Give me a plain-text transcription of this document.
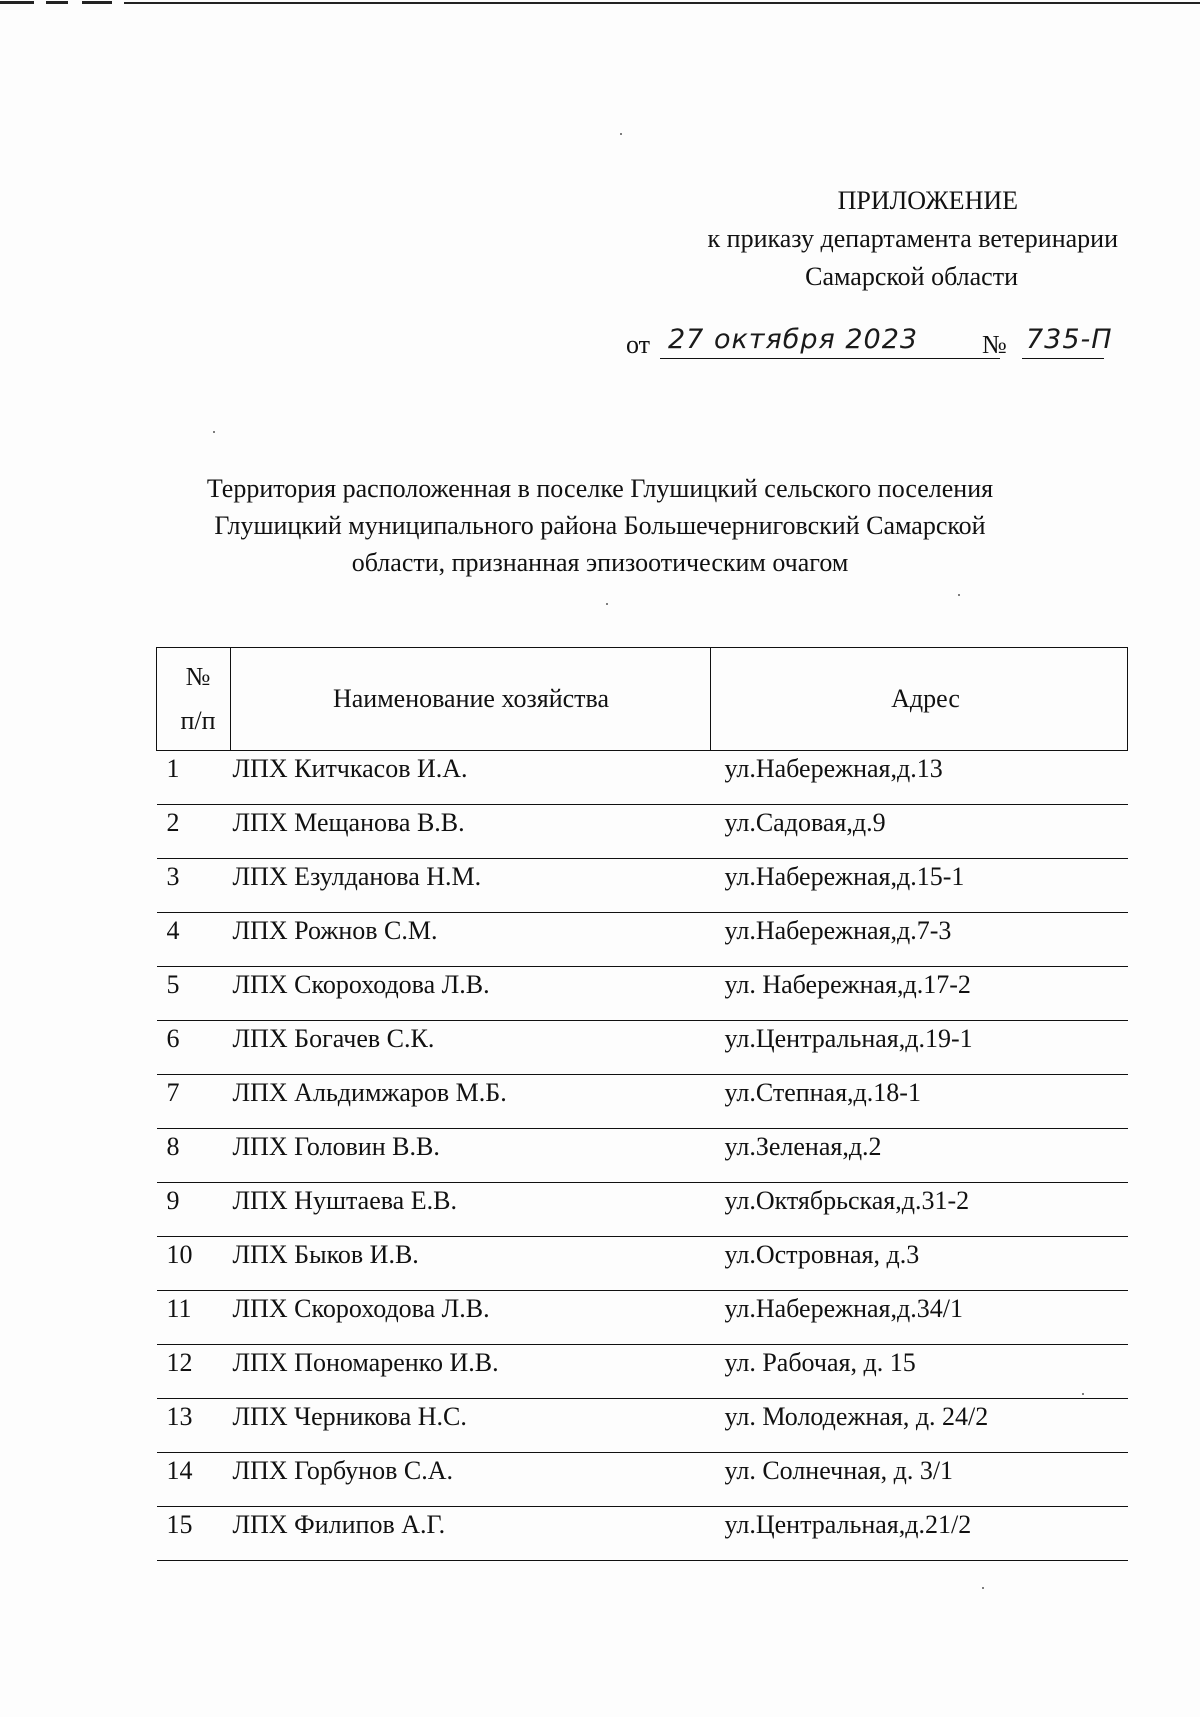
ПРИЛОЖЕНИЕ
к приказу департамента ветеринарии
Самарской области
от 27 октября 2023 № 735-П
Территория расположенная в поселке Глушицкий сельского поселения
Глушицкий муниципального района Большечерниговский Самарской
области, признанная эпизоотическим очагом
№
п/п	Наименование хозяйства	Адрес
1	ЛПХ Китчкасов И.А.	ул.Набережная,д.13
2	ЛПХ Мещанова В.В.	ул.Садовая,д.9
3	ЛПХ Езулданова Н.М.	ул.Набережная,д.15-1
4	ЛПХ Рожнов С.М.	ул.Набережная,д.7-3
5	ЛПХ Скороходова Л.В.	ул. Набережная,д.17-2
6	ЛПХ Богачев С.К.	ул.Центральная,д.19-1
7	ЛПХ Альдимжаров М.Б.	ул.Степная,д.18-1
8	ЛПХ Головин В.В.	ул.Зеленая,д.2
9	ЛПХ Нуштаева Е.В.	ул.Октябрьская,д.31-2
10	ЛПХ Быков И.В.	ул.Островная, д.3
11	ЛПХ Скороходова Л.В.	ул.Набережная,д.34/1
12	ЛПХ Пономаренко И.В.	ул. Рабочая, д. 15
13	ЛПХ Черникова Н.С.	ул. Молодежная, д. 24/2
14	ЛПХ Горбунов С.А.	ул. Солнечная, д. 3/1
15	ЛПХ Филипов А.Г.	ул.Центральная,д.21/2
